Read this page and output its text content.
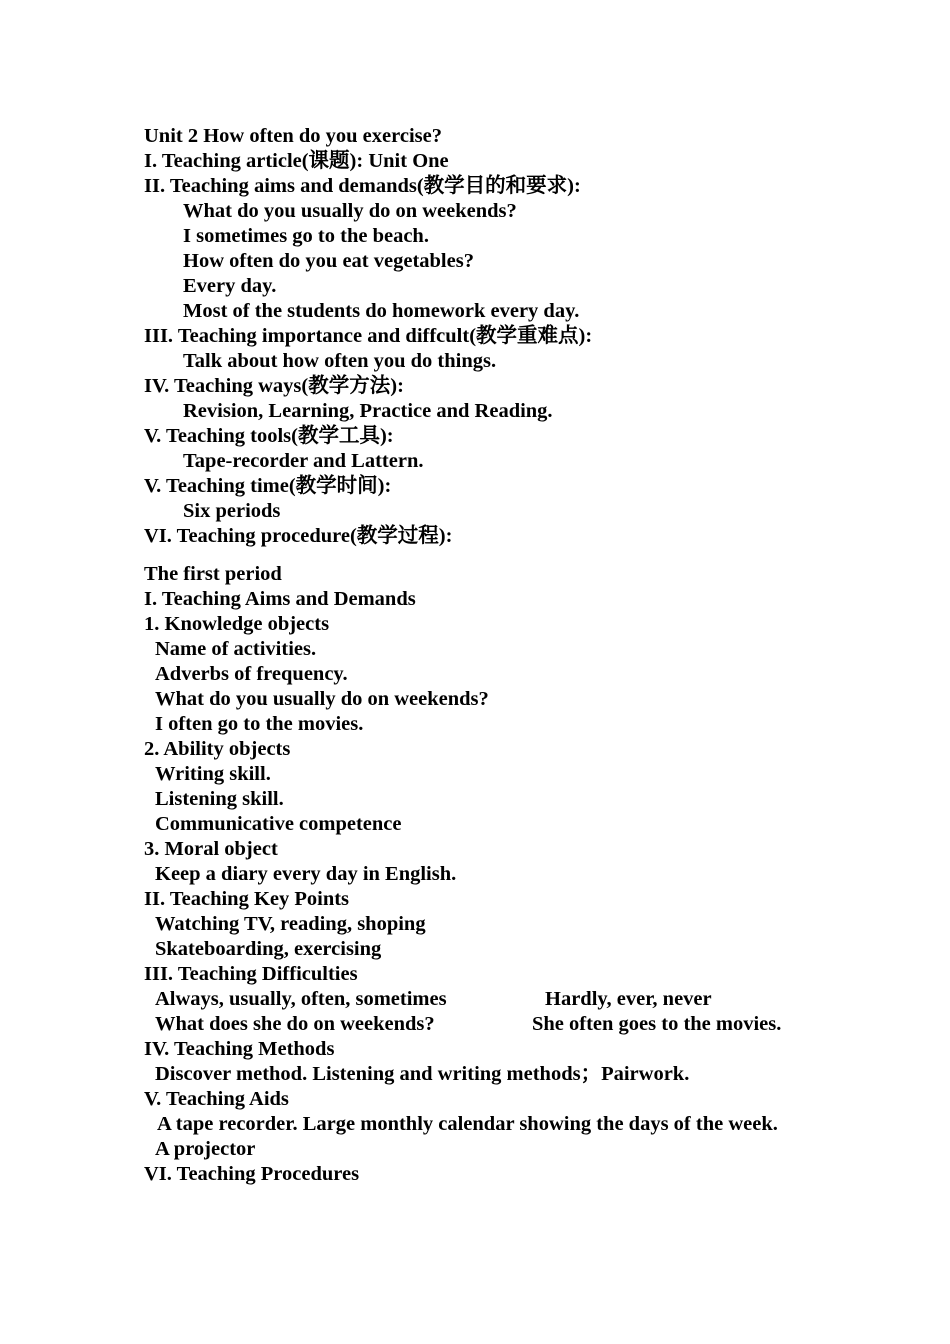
Unit 2 How often do you exercise?
I. Teaching article(课题): Unit One
II. Teaching aims and demands(教学目的和要求):
What do you usually do on weekends?
I sometimes go to the beach.
How often do you eat vegetables?
Every day.
Most of the students do homework every day.
III. Teaching importance and diffcult(教学重难点):
Talk about how often you do things.
IV. Teaching ways(教学方法):
Revision, Learning, Practice and Reading.
V. Teaching tools(教学工具):
Tape-recorder and Lattern.
V. Teaching time(教学时间):
Six periods
VI. Teaching procedure(教学过程):
The first period
I. Teaching Aims and Demands
1. Knowledge objects
Name of activities.
Adverbs of frequency.
What do you usually do on weekends?
I often go to the movies.
2. Ability objects
Writing skill.
Listening skill.
Communicative competence
3. Moral object
Keep a diary every day in English.
II. Teaching Key Points
Watching TV, reading, shoping
Skateboarding, exercising
III. Teaching Difficulties
Always, usually, often, sometimes	Hardly, ever, never
What does she do on weekends?	She often goes to the movies.
IV. Teaching Methods
Discover method. Listening and writing methods；Pairwork.
V. Teaching Aids
A tape recorder. Large monthly calendar showing the days of the week.
A projector
VI. Teaching Procedures
